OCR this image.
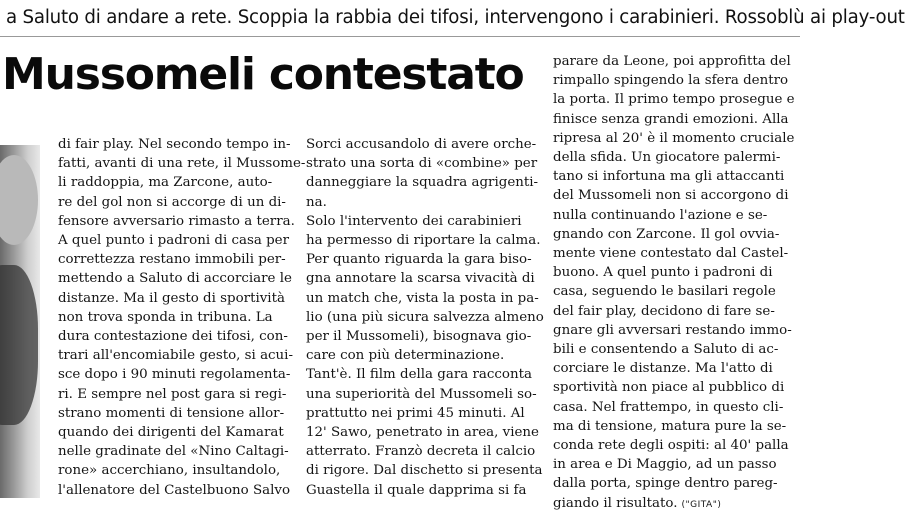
a Saluto di andare a rete. Scoppia la rabbia dei tifosi, intervengono i carabinieri. Rossoblù ai play-out
Mussomeli contestato
di fair play. Nel secondo tempo in-
fatti, avanti di una rete, il Mussome-
li raddoppia, ma Zarcone, auto-
re del gol non si accorge di un di-
fensore avversario rimasto a terra.
A quel punto i padroni di casa per
correttezza restano immobili per-
mettendo a Saluto di accorciare le
distanze. Ma il gesto di sportività
non trova sponda in tribuna. La
dura contestazione dei tifosi, con-
trari all'encomiabile gesto, si acui-
sce dopo i 90 minuti regolamenta-
ri. E sempre nel post gara si regi-
strano momenti di tensione allor-
quando dei dirigenti del Kamarat
nelle gradinate del «Nino Caltagi-
rone» accerchiano, insultandolo,
l'allenatore del Castelbuono Salvo
Sorci accusandolo di avere orche-
strato una sorta di «combine» per
danneggiare la squadra agrigenti-
na.
Solo l'intervento dei carabinieri
ha permesso di riportare la calma.
Per quanto riguarda la gara biso-
gna annotare la scarsa vivacità di
un match che, vista la posta in pa-
lio (una più sicura salvezza almeno
per il Mussomeli), bisognava gio-
care con più determinazione.
Tant'è. Il film della gara racconta
una superiorità del Mussomeli so-
prattutto nei primi 45 minuti. Al
12' Sawo, penetrato in area, viene
atterrato. Franzò decreta il calcio
di rigore. Dal dischetto si presenta
Guastella il quale dapprima si fa
parare da Leone, poi approfitta del
rimpallo spingendo la sfera dentro
la porta. Il primo tempo prosegue e
finisce senza grandi emozioni. Alla
ripresa al 20' è il momento cruciale
della sfida. Un giocatore palermi-
tano si infortuna ma gli attaccanti
del Mussomeli non si accorgono di
nulla continuando l'azione e se-
gnando con Zarcone. Il gol ovvia-
mente viene contestato dal Castel-
buono. A quel punto i padroni di
casa, seguendo le basilari regole
del fair play, decidono di fare se-
gnare gli avversari restando immo-
bili e consentendo a Saluto di ac-
corciare le distanze. Ma l'atto di
sportività non piace al pubblico di
casa. Nel frattempo, in questo cli-
ma di tensione, matura pure la se-
conda rete degli ospiti: al 40' palla
in area e Di Maggio, ad un passo
dalla porta, spinge dentro pareg-
giando il risultato. ("GITA")
